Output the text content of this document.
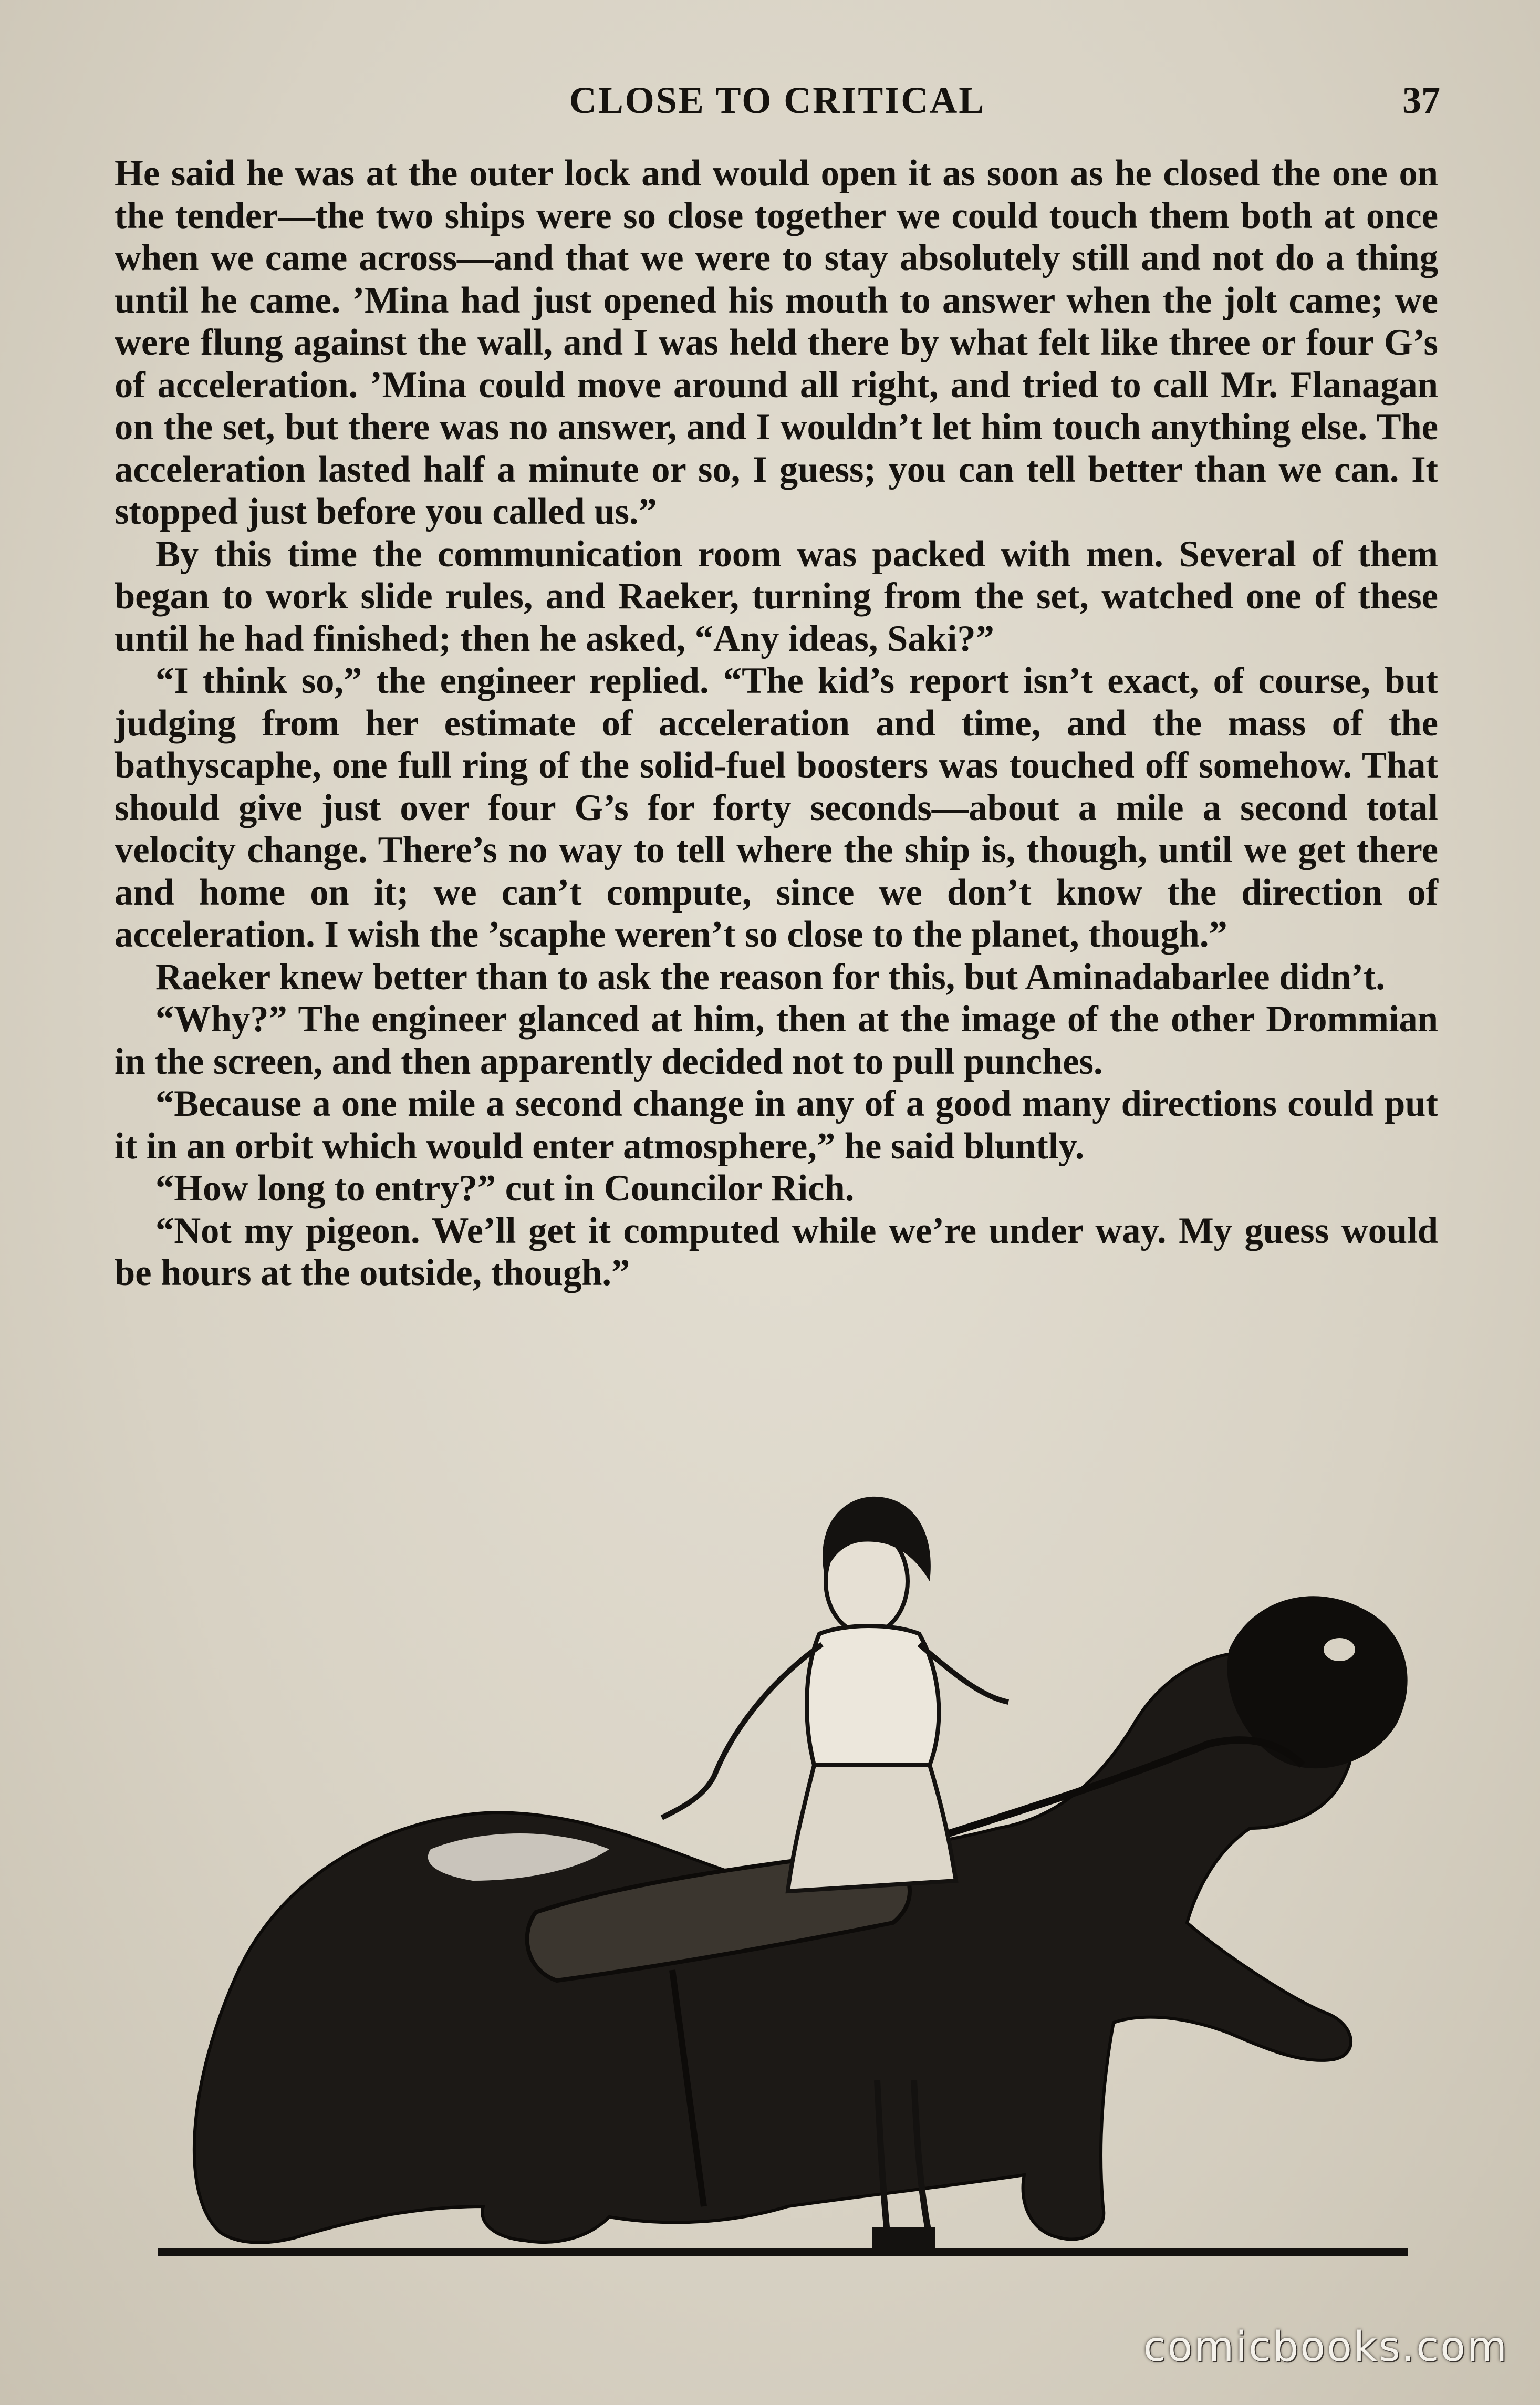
CLOSE TO CRITICAL	37

He said he was at the outer lock and would open it as soon as he closed the one on the tender—the two ships were so close together we could touch them both at once when we came across—and that we were to stay absolutely still and not do a thing until he came. ’Mina had just opened his mouth to answer when the jolt came; we were flung against the wall, and I was held there by what felt like three or four G’s of acceleration. ’Mina could move around all right, and tried to call Mr. Flanagan on the set, but there was no answer, and I wouldn’t let him touch anything else. The acceleration lasted half a minute or so, I guess; you can tell better than we can. It stopped just before you called us.”

By this time the communication room was packed with men. Several of them began to work slide rules, and Raeker, turning from the set, watched one of these until he had finished; then he asked, “Any ideas, Saki?”

“I think so,” the engineer replied. “The kid’s report isn’t exact, of course, but judging from her estimate of acceleration and time, and the mass of the bathyscaphe, one full ring of the solid-fuel boosters was touched off somehow. That should give just over four G’s for forty seconds—about a mile a second total velocity change. There’s no way to tell where the ship is, though, until we get there and home on it; we can’t compute, since we don’t know the direction of acceleration. I wish the ’scaphe weren’t so close to the planet, though.”

Raeker knew better than to ask the reason for this, but Aminadabarlee didn’t.

“Why?” The engineer glanced at him, then at the image of the other Drommian in the screen, and then apparently decided not to pull punches.

“Because a one mile a second change in any of a good many directions could put it in an orbit which would enter atmosphere,” he said bluntly.

“How long to entry?” cut in Councilor Rich.

“Not my pigeon. We’ll get it computed while we’re under way. My guess would be hours at the outside, though.”

comicbooks.com
